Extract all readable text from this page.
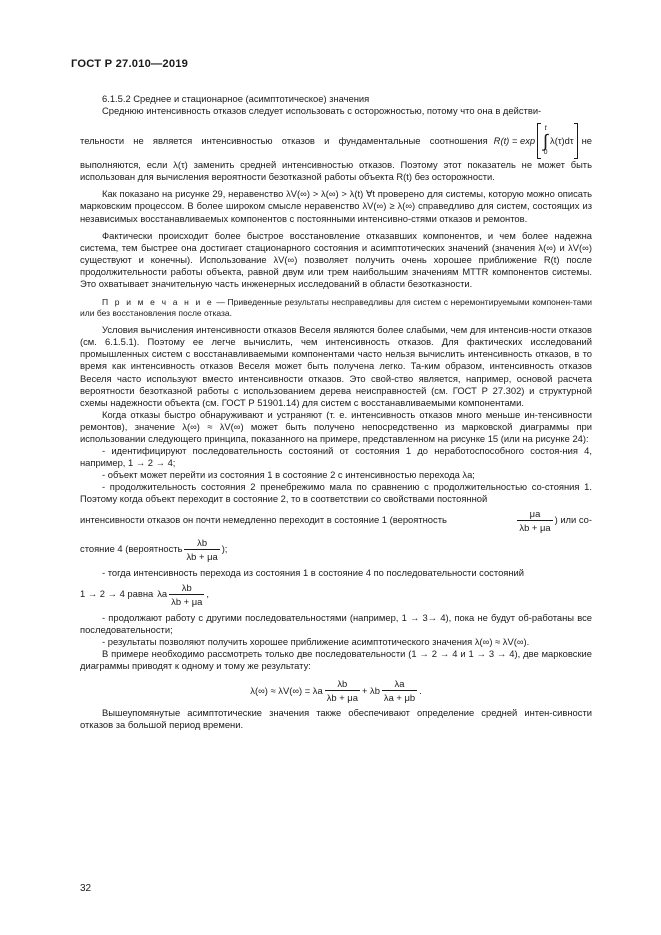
ГОСТ Р 27.010—2019

6.1.5.2 Среднее и стационарное (асимптотическое) значения

Среднюю интенсивность отказов следует использовать с осторожностью, потому что она в действи-

тельности не является интенсивностью отказов и фундаментальные соотношения R(t) = exp
t
∫
0
λ(τ)dτ не

выполняются, если λ(τ) заменить средней интенсивностью отказов. Поэтому этот показатель не может быть использован для вычисления вероятности безотказной работы объекта R(t) без осторожности.

Как показано на рисунке 29, неравенство λV(∞) > λ(∞) > λ(t) ∀t проверено для системы, которую можно описать марковским процессом. В более широком смысле неравенство λV(∞) ≥ λ(∞) справедливо для систем, состоящих из независимых восстанавливаемых компонентов с постоянными интенсивно-стями отказов и ремонтов.

Фактически происходит более быстрое восстановление отказавших компонентов, и чем более надежна система, тем быстрее она достигает стационарного состояния и асимптотических значений (значения λ(∞) и λV(∞) существуют и конечны). Использование λV(∞) позволяет получить очень хорошее приближение R(t) после продолжительности работы объекта, равной двум или трем наибольшим значениям MTTR компонентов системы. Это охватывает значительную часть инженерных исследований в области безотказности.

П р и м е ч а н и е — Приведенные результаты несправедливы для систем с неремонтируемыми компонен-тами или без восстановления после отказа.

Условия вычисления интенсивности отказов Веселя являются более слабыми, чем для интенсив-ности отказов (см. 6.1.5.1). Поэтому ее легче вычислить, чем интенсивность отказов. Для фактических исследований промышленных систем с восстанавливаемыми компонентами часто нельзя вычислить интенсивность отказов, в то время как интенсивность отказов Веселя может быть получена легко. Та-ким образом, интенсивность отказов Веселя часто используют вместо интенсивности отказов. Это свой-ство является, например, основой расчета вероятности безотказной работы с использованием дерева неисправностей (см. ГОСТ Р 27.302) и структурной схемы надежности объекта (см. ГОСТ Р 51901.14) для систем с восстанавливаемыми компонентами.

Когда отказы быстро обнаруживают и устраняют (т. е. интенсивность отказов много меньше ин-тенсивности ремонтов), значение λ(∞) ≈ λV(∞) может быть получено непосредственно из марковской диаграммы при использовании следующего принципа, показанного на примере, представленном на рисунке 15 (или на рисунке 24):

- идентифицируют последовательность состояний от состояния 1 до неработоспособного состоя-ния 4, например, 1 → 2 → 4;

- объект может перейти из состояния 1 в состояние 2 с интенсивностью перехода λa;

- продолжительность состояния 2 пренебрежимо мала по сравнению с продолжительностью со-стояния 1. Поэтому когда объект переходит в состояние 2, то в соответствии со свойствами постоянной

интенсивности отказов он почти немедленно переходит в состояние 1 (вероятность	$\frac{\mu a}{\lambda b + \mu a}$ ) или со-
стояние 4 (вероятность $\frac{\lambda b}{\lambda b + \mu a}$ );

- тогда интенсивность перехода из состояния 1 в состояние 4 по последовательности состояний

1 → 2 → 4 равна λa $\frac{\lambda b}{\lambda b + \mu a}$ ,

- продолжают работу с другими последовательностями (например, 1 → 3→ 4), пока не будут об-работаны все последовательности;

- результаты позволяют получить хорошее приближение асимптотического значения λ(∞) ≈ λV(∞).

В примере необходимо рассмотреть только две последовательности (1 → 2 → 4 и 1 → 3 → 4), две марковские диаграммы приводят к одному и тому же результату:

λ(∞) ≈ λV(∞) = λa $\frac{\lambda b}{\lambda b + \mu a} + \lambda b \frac{\lambda a}{\lambda a + \mu b}$ .

Вышеупомянутые асимптотические значения также обеспечивают определение средней интен-сивности отказов за большой период времени.

32
